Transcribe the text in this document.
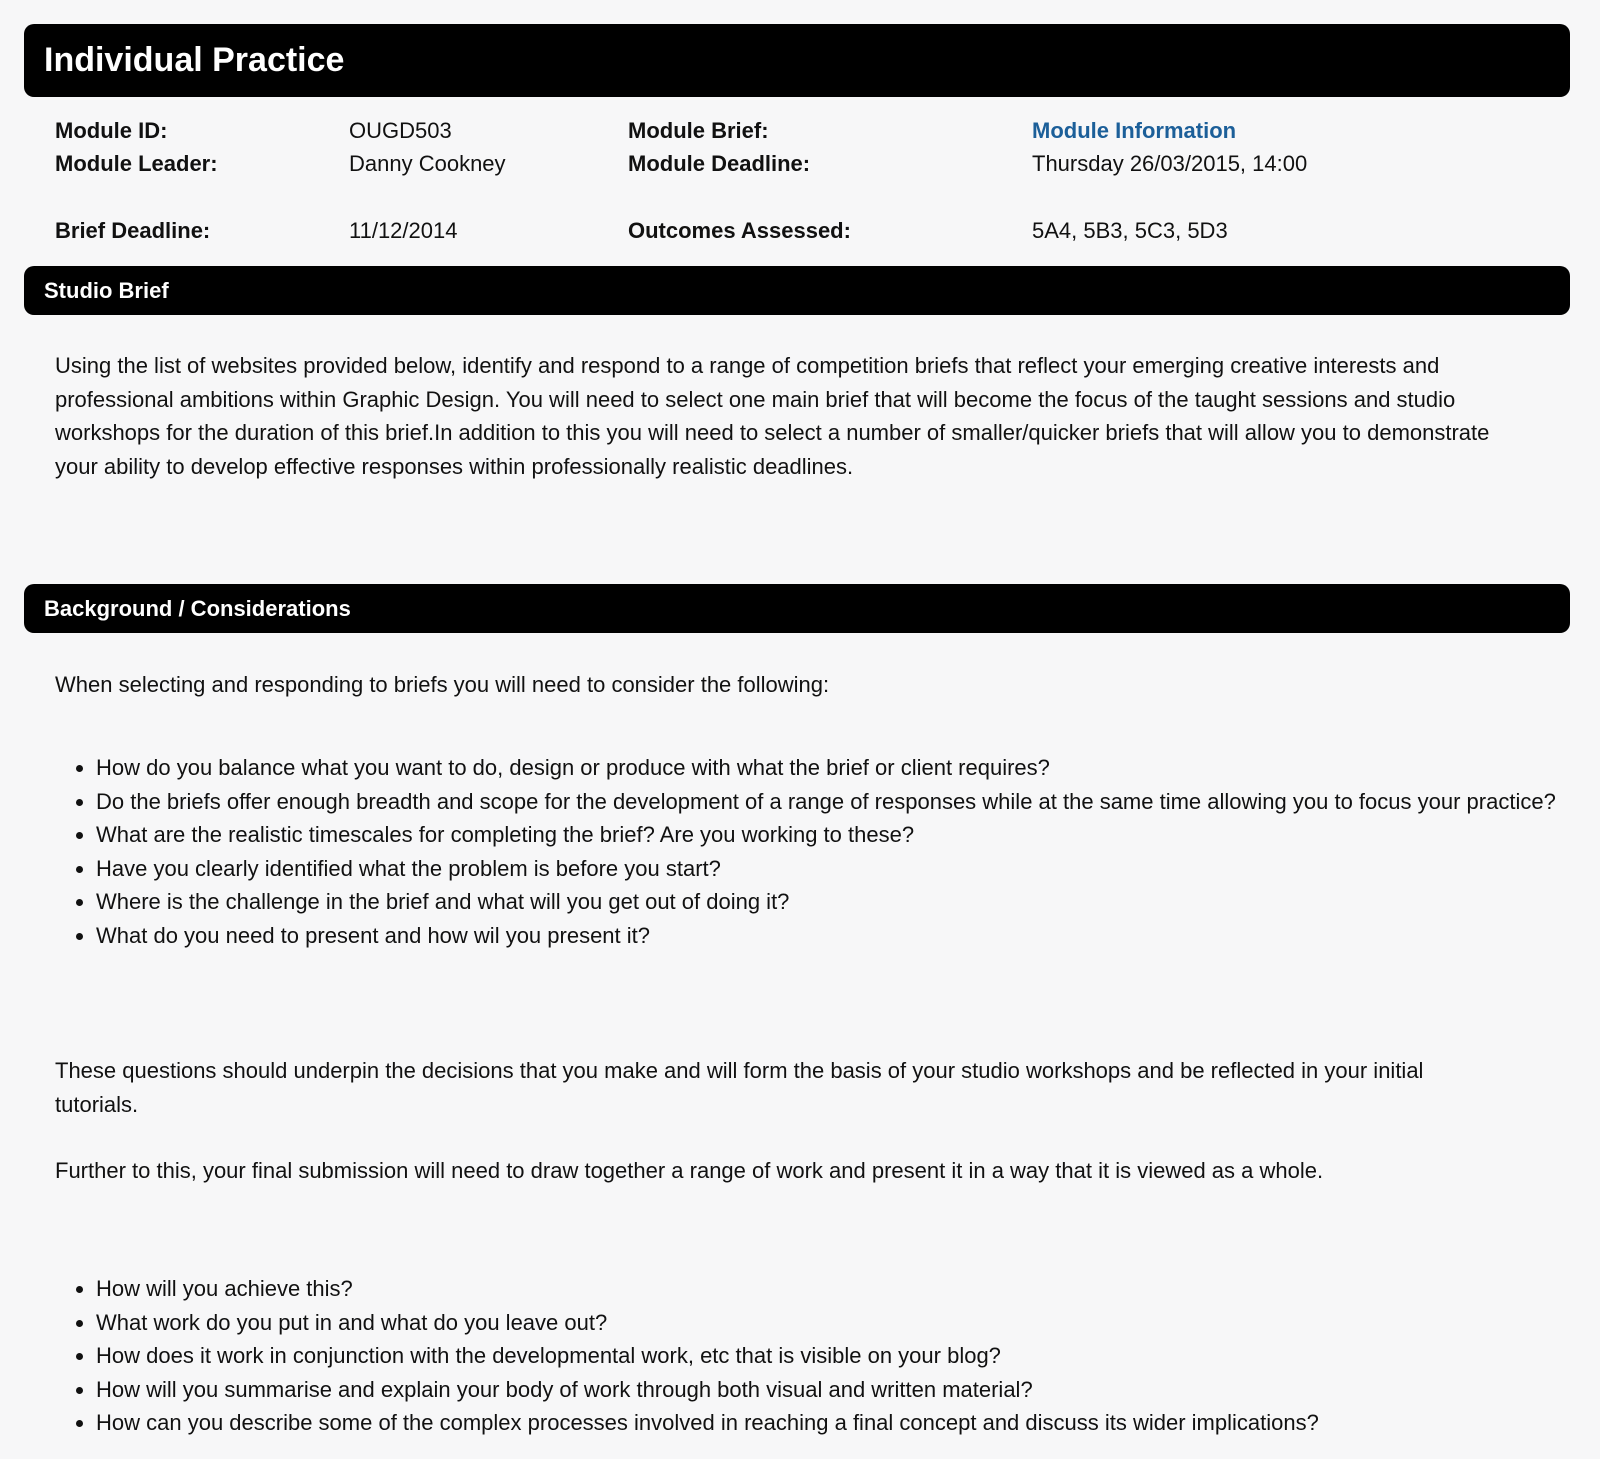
Individual Practice
Module ID:	OUGD503	Module Brief:	Module Information
Module Leader:	Danny Cookney	Module Deadline:	Thursday 26/03/2015, 14:00
Brief Deadline:	11/12/2014	Outcomes Assessed:	5A4, 5B3, 5C3, 5D3
Studio Brief

Using the list of websites provided below, identify and respond to a range of competition briefs that reflect your emerging creative interests and professional ambitions within Graphic Design. You will need to select one main brief that will become the focus of the taught sessions and studio workshops for the duration of this brief.In addition to this you will need to select a number of smaller/quicker briefs that will allow you to demonstrate your ability to develop effective responses within professionally realistic deadlines.

Background / Considerations

When selecting and responding to briefs you will need to consider the following:

• How do you balance what you want to do, design or produce with what the brief or client requires?
• Do the briefs offer enough breadth and scope for the development of a range of responses while at the same time allowing you to focus your practice?
• What are the realistic timescales for completing the brief? Are you working to these?
• Have you clearly identified what the problem is before you start?
• Where is the challenge in the brief and what will you get out of doing it?
• What do you need to present and how wil you present it?

These questions should underpin the decisions that you make and will form the basis of your studio workshops and be reflected in your initial tutorials.

Further to this, your final submission will need to draw together a range of work and present it in a way that it is viewed as a whole.

• How will you achieve this?
• What work do you put in and what do you leave out?
• How does it work in conjunction with the developmental work, etc that is visible on your blog?
• How will you summarise and explain your body of work through both visual and written material?
• How can you describe some of the complex processes involved in reaching a final concept and discuss its wider implications?
